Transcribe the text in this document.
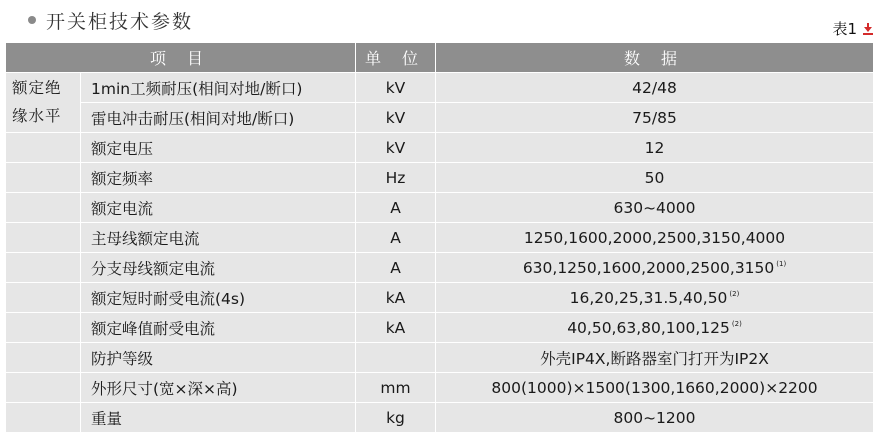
开关柜技术参数	表1
项 目		单 位	数 据

额定绝
缘水平	1min工频耐压(相间对地/断口)	kV	42/48
	雷电冲击耐压(相间对地/断口)	kV	75/85
	额定电压	kV	12
	额定频率	Hz	50
	额定电流	A	630~4000
	主母线额定电流	A	1250,1600,2000,2500,3150,4000
	分支母线额定电流	A	630,1250,1600,2000,2500,3150 $^{(1)}$
	额定短时耐受电流(4s)	kA	16,20,25,31.5,40,50 $^{(2)}$
	额定峰值耐受电流	kA	40,50,63,80,100,125 $^{(2)}$
	防护等级		外壳IP4X,断路器室门打开为IP2X
	外形尺寸(宽×深×高)	mm	800(1000)×1500(1300,1660,2000)×2200
	重量	kg	800~1200
